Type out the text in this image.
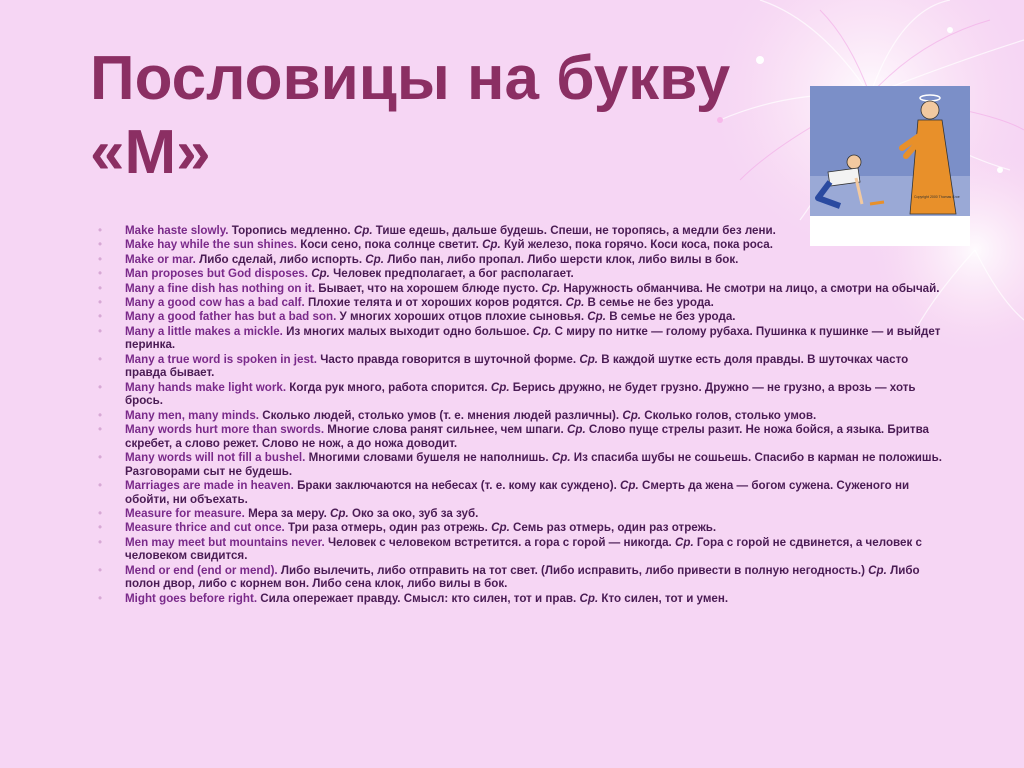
Пословицы на букву «М»
Copyright 2000 Thomas Kroe
• Make haste slowly. Торопись медленно. Ср. Тише едешь, дальше будешь. Спеши, не торопясь, а медли без лени.
• Make hay while the sun shines. Коси сено, пока солнце светит. Ср. Куй железо, пока горячо. Коси коса, пока роса.
• Make or mar. Либо сделай, либо испорть. Ср. Либо пан, либо пропал. Либо шерсти клок, либо вилы в бок.
• Man proposes but God disposes. Ср. Человек предполагает, а бог располагает.
• Many a fine dish has nothing on it. Бывает, что на хорошем блюде пусто. Ср. Наружность обманчива. Не смотри на лицо, а смотри на обычай.
• Many a good cow has a bad calf. Плохие телята и от хороших коров родятся. Ср. В семье не без урода.
• Many a good father has but a bad son. У многих хороших отцов плохие сыновья. Ср. В семье не без урода.
• Many a little makes a mickle. Из многих малых выходит одно большое. Ср. С миру по нитке — голому рубаха. Пушинка к пушинке — и выйдет перинка.
• Many a true word is spoken in jest. Часто правда говорится в шуточной форме. Ср. В каждой шутке есть доля правды. В шуточках часто правда бывает.
• Many hands make light work. Когда рук много, работа спорится. Ср. Берись дружно, не будет грузно. Дружно — не грузно, а врозь — хоть брось.
• Many men, many minds. Сколько людей, столько умов (т. е. мнения людей различны). Ср. Сколько голов, столько умов.
• Many words hurt more than swords. Многие слова ранят сильнее, чем шпаги. Ср. Слово пуще стрелы разит. Не ножа бойся, а языка. Бритва скребет, а слово режет. Слово не нож, а до ножа доводит.
• Many words will not fill a bushel. Многими словами бушеля не наполнишь. Ср. Из спасиба шубы не сошьешь. Спасибо в карман не положишь. Разговорами сыт не будешь.
• Marriages are made in heaven. Браки заключаются на небесах (т. е. кому как суждено). Ср. Смерть да жена — богом сужена. Суженого ни обойти, ни объехать.
• Measure for measure. Мера за меру. Ср. Око за око, зуб за зуб.
• Measure thrice and cut once. Три раза отмерь, один раз отрежь. Ср. Семь раз отмерь, один раз отрежь.
• Men may meet but mountains never. Человек с человеком встретится. а гора с горой — никогда. Ср. Гора с горой не сдвинется, а человек с человеком свидится.
• Mend or end (end or mend). Либо вылечить, либо отправить на тот свет. (Либо исправить, либо привести в полную негодность.) Ср. Либо полон двор, либо с корнем вон. Либо сена клок, либо вилы в бок.
• Might goes before right. Сила опережает правду. Смысл: кто силен, тот и прав. Ср. Кто силен, тот и умен.
